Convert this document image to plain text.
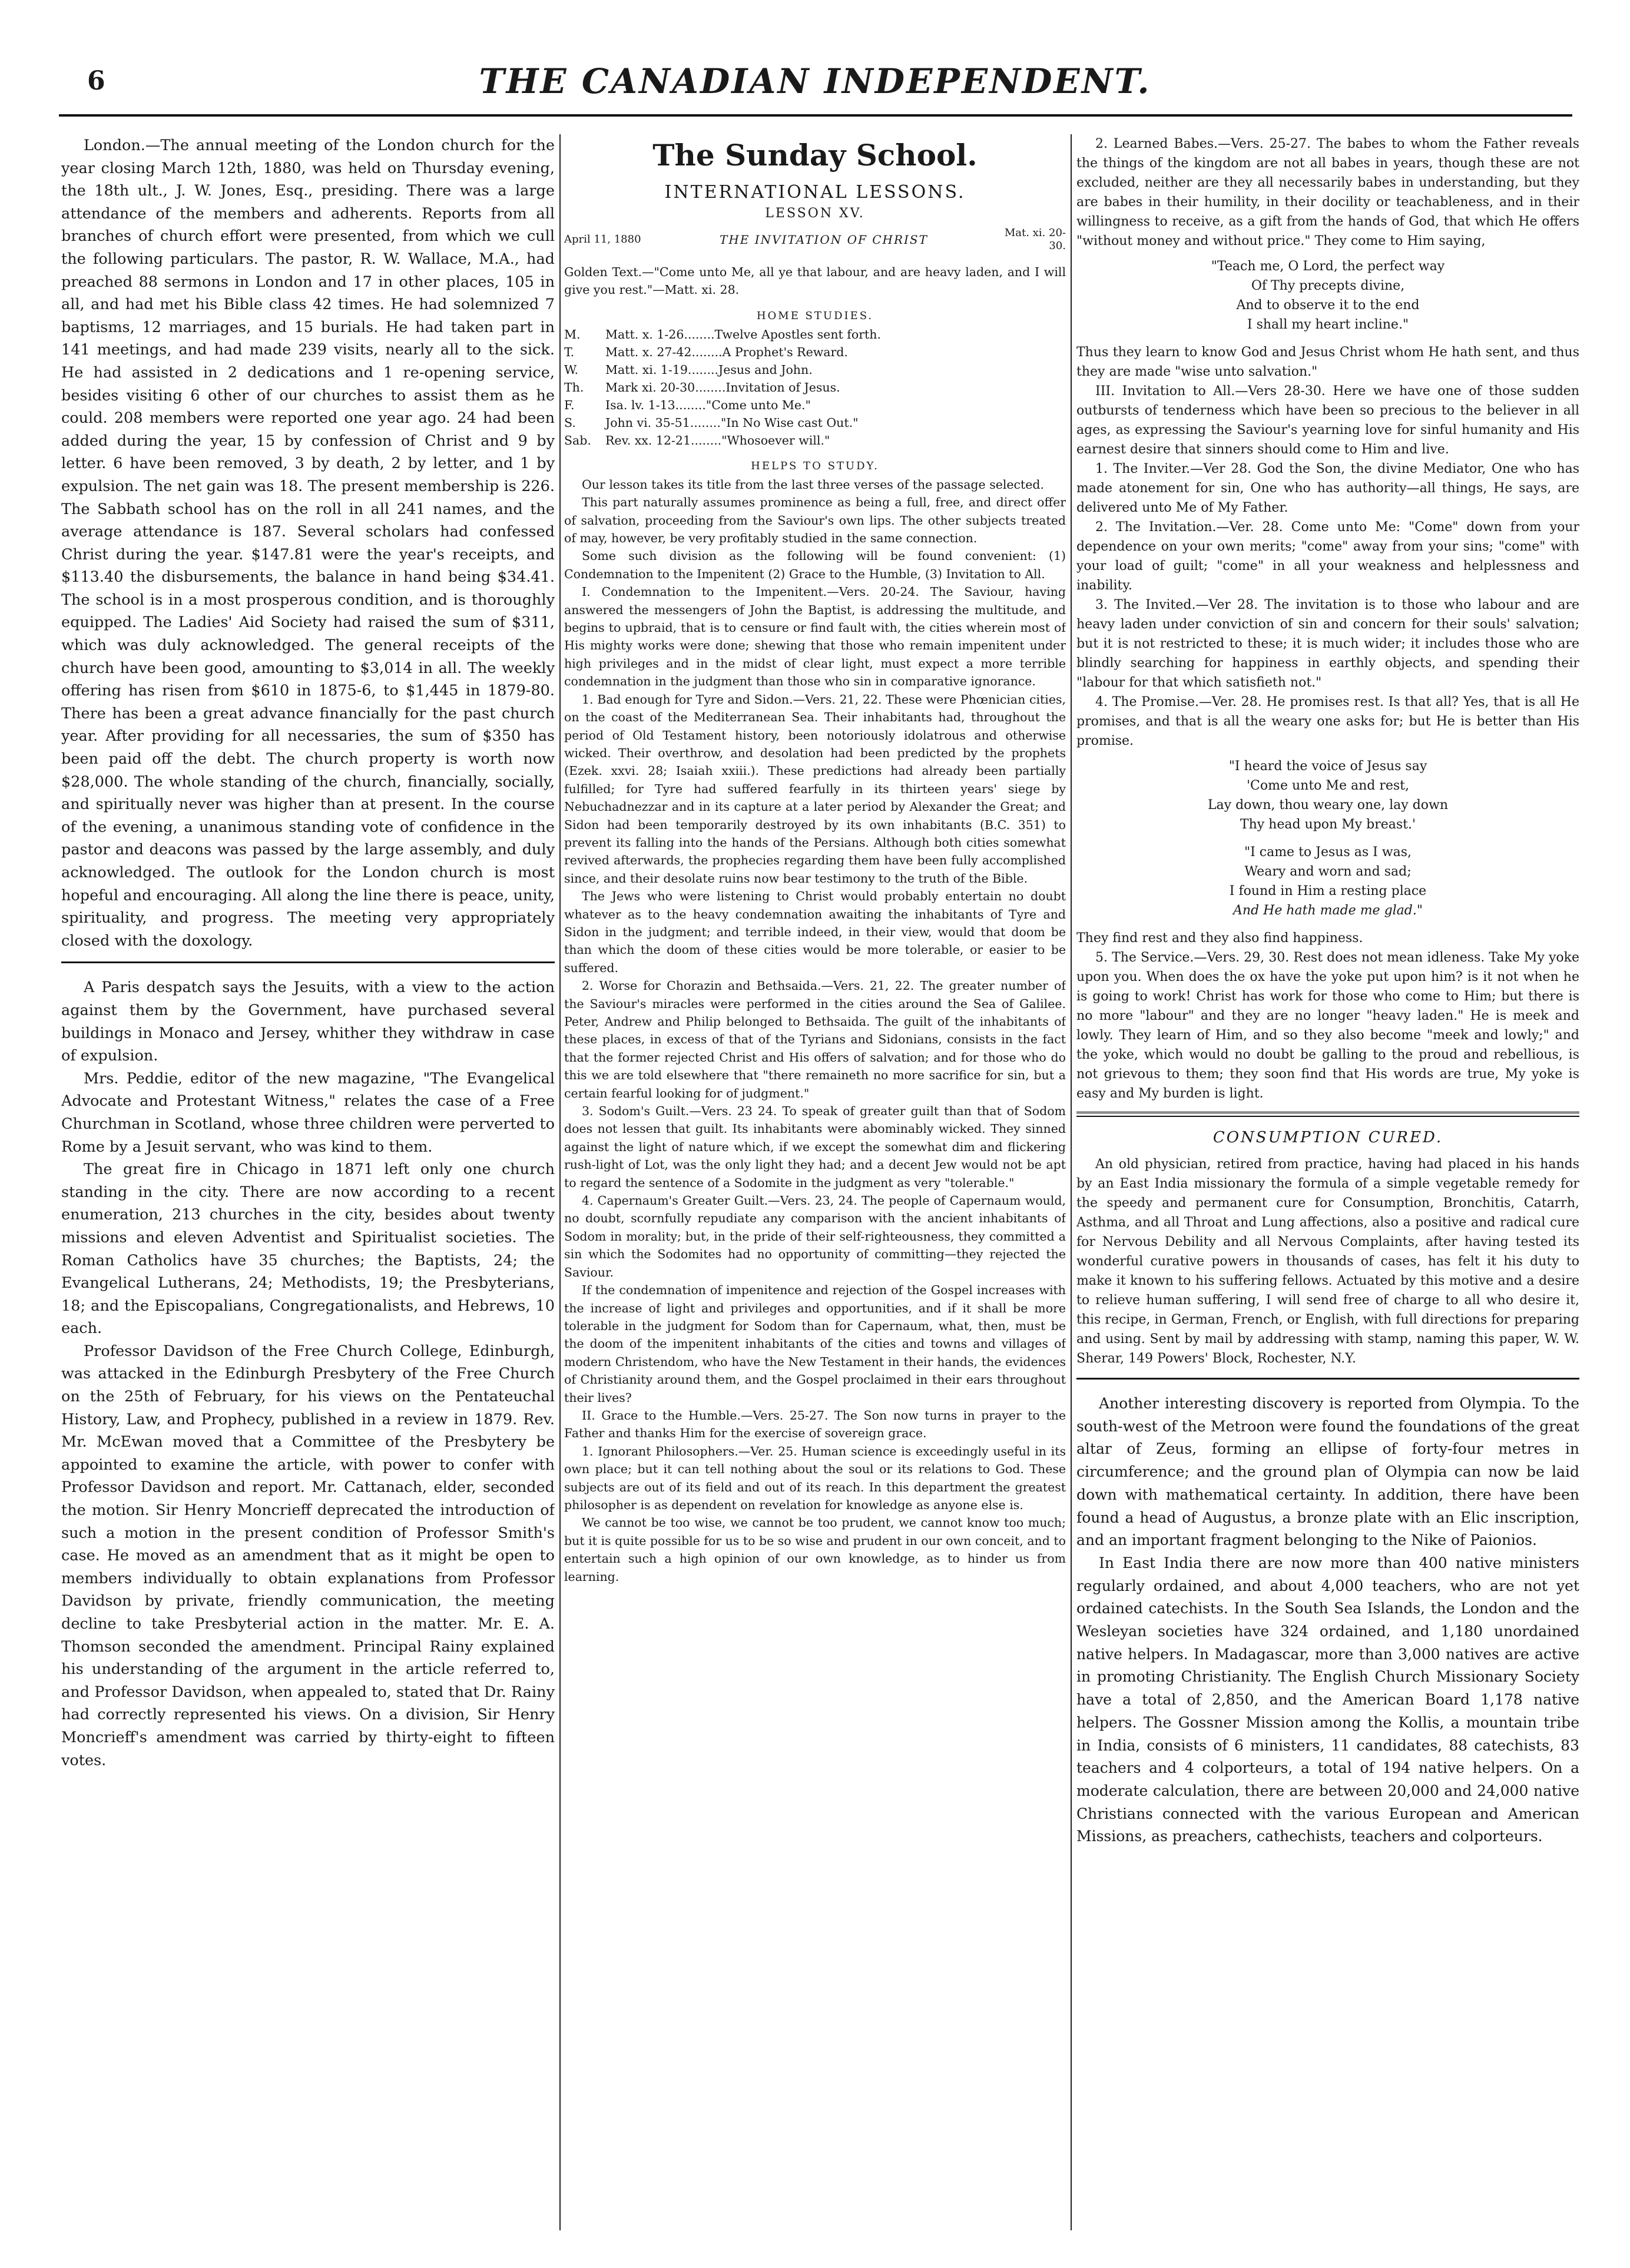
6	THE CANADIAN INDEPENDENT.

London.—The annual meeting of the London church for the year closing March 12th, 1880, was held on Thursday evening, the 18th ult., J. W. Jones, Esq., presiding. There was a large attendance of the members and adherents. Reports from all branches of church effort were presented, from which we cull the following particulars. The pastor, R. W. Wallace, M.A., had preached 88 sermons in London and 17 in other places, 105 in all, and had met his Bible class 42 times. He had solemnized 7 baptisms, 12 marriages, and 15 burials. He had taken part in 141 meetings, and had made 239 visits, nearly all to the sick. He had assisted in 2 dedications and 1 re-opening service, besides visiting 6 other of our churches to assist them as he could. 208 members were reported one year ago. 24 had been added during the year, 15 by confession of Christ and 9 by letter. 6 have been removed, 3 by death, 2 by letter, and 1 by expulsion. The net gain was 18. The present membership is 226. The Sabbath school has on the roll in all 241 names, and the average attendance is 187. Several scholars had confessed Christ during the year. $147.81 were the year's receipts, and $113.40 the disbursements, the balance in hand being $34.41. The school is in a most prosperous condition, and is thoroughly equipped. The Ladies' Aid Society had raised the sum of $311, which was duly acknowledged. The general receipts of the church have been good, amounting to $3,014 in all. The weekly offering has risen from $610 in 1875-6, to $1,445 in 1879-80. There has been a great advance financially for the past church year. After providing for all necessaries, the sum of $350 has been paid off the debt. The church property is worth now $28,000. The whole standing of the church, financially, socially, and spiritually never was higher than at present. In the course of the evening, a unanimous standing vote of confidence in the pastor and deacons was passed by the large assembly, and duly acknowledged. The outlook for the London church is most hopeful and encouraging. All along the line there is peace, unity, spirituality, and progress. The meeting very appropriately closed with the doxology.

A Paris despatch says the Jesuits, with a view to the action against them by the Government, have purchased several buildings in Monaco and Jersey, whither they withdraw in case of expulsion.

Mrs. Peddie, editor of the new magazine, "The Evangelical Advocate and Protestant Witness," relates the case of a Free Churchman in Scotland, whose three children were perverted to Rome by a Jesuit servant, who was kind to them.

The great fire in Chicago in 1871 left only one church standing in the city. There are now according to a recent enumeration, 213 churches in the city, besides about twenty missions and eleven Adventist and Spiritualist societies. The Roman Catholics have 35 churches; the Baptists, 24; the Evangelical Lutherans, 24; Methodists, 19; the Presbyterians, 18; and the Episcopalians, Congregationalists, and Hebrews, 10 each.

Professor Davidson of the Free Church College, Edinburgh, was attacked in the Edinburgh Presbytery of the Free Church on the 25th of February, for his views on the Pentateuchal History, Law, and Prophecy, published in a review in 1879. Rev. Mr. McEwan moved that a Committee of the Presbytery be appointed to examine the article, with power to confer with Professor Davidson and report. Mr. Cattanach, elder, seconded the motion. Sir Henry Moncrieff deprecated the introduction of such a motion in the present condition of Professor Smith's case. He moved as an amendment that as it might be open to members individually to obtain explanations from Professor Davidson by private, friendly communication, the meeting decline to take Presbyterial action in the matter. Mr. E. A. Thomson seconded the amendment. Principal Rainy explained his understanding of the argument in the article referred to, and Professor Davidson, when appealed to, stated that Dr. Rainy had correctly represented his views. On a division, Sir Henry Moncrieff's amendment was carried by thirty-eight to fifteen votes.

The Sunday School.
INTERNATIONAL LESSONS.
LESSON XV.
April 11, 1880	THE INVITATION OF CHRIST	Mat. xi. 20-30.

Golden Text.—"Come unto Me, all ye that labour, and are heavy laden, and I will give you rest."—Matt. xi. 28.

HOME STUDIES.
M.	Matt. x. 1-26........Twelve Apostles sent forth.
T.	Matt. x. 27-42........A Prophet's Reward.
W.	Matt. xi. 1-19........Jesus and John.
Th.	Mark xi. 20-30........Invitation of Jesus.
F.	Isa. lv. 1-13........"Come unto Me."
S.	John vi. 35-51........"In No Wise cast Out."
Sab.	Rev. xx. 12-21........"Whosoever will."
HELPS TO STUDY.

Our lesson takes its title from the last three verses of the passage selected.

This part naturally assumes prominence as being a full, free, and direct offer of salvation, proceeding from the Saviour's own lips. The other subjects treated of may, however, be very profitably studied in the same connection.

Some such division as the following will be found convenient: (1) Condemnation to the Impenitent (2) Grace to the Humble, (3) Invitation to All.

I. Condemnation to the Impenitent.—Vers. 20-24. The Saviour, having answered the messengers of John the Baptist, is addressing the multitude, and begins to upbraid, that is to censure or find fault with, the cities wherein most of His mighty works were done; shewing that those who remain impenitent under high privileges and in the midst of clear light, must expect a more terrible condemnation in the judgment than those who sin in comparative ignorance.

1. Bad enough for Tyre and Sidon.—Vers. 21, 22. These were Phœnician cities, on the coast of the Mediterranean Sea. Their inhabitants had, throughout the period of Old Testament history, been notoriously idolatrous and otherwise wicked. Their overthrow, and desolation had been predicted by the prophets (Ezek. xxvi. 28; Isaiah xxiii.). These predictions had already been partially fulfilled; for Tyre had suffered fearfully in its thirteen years' siege by Nebuchadnezzar and in its capture at a later period by Alexander the Great; and Sidon had been temporarily destroyed by its own inhabitants (B.C. 351) to prevent its falling into the hands of the Persians. Although both cities somewhat revived afterwards, the prophecies regarding them have been fully accomplished since, and their desolate ruins now bear testimony to the truth of the Bible.

The Jews who were listening to Christ would probably entertain no doubt whatever as to the heavy condemnation awaiting the inhabitants of Tyre and Sidon in the judgment; and terrible indeed, in their view, would that doom be than which the doom of these cities would be more tolerable, or easier to be suffered.

2. Worse for Chorazin and Bethsaida.—Vers. 21, 22. The greater number of the Saviour's miracles were performed in the cities around the Sea of Galilee. Peter, Andrew and Philip belonged to Bethsaida. The guilt of the inhabitants of these places, in excess of that of the Tyrians and Sidonians, consists in the fact that the former rejected Christ and His offers of salvation; and for those who do this we are told elsewhere that "there remaineth no more sacrifice for sin, but a certain fearful looking for of judgment."

3. Sodom's Guilt.—Vers. 23 24. To speak of greater guilt than that of Sodom does not lessen that guilt. Its inhabitants were abominably wicked. They sinned against the light of nature which, if we except the somewhat dim and flickering rush-light of Lot, was the only light they had; and a decent Jew would not be apt to regard the sentence of a Sodomite in the judgment as very "tolerable."

4. Capernaum's Greater Guilt.—Vers. 23, 24. The people of Capernaum would, no doubt, scornfully repudiate any comparison with the ancient inhabitants of Sodom in morality; but, in the pride of their self-righteousness, they committed a sin which the Sodomites had no opportunity of committing—they rejected the Saviour.

If the condemnation of impenitence and rejection of the Gospel increases with the increase of light and privileges and opportunities, and if it shall be more tolerable in the judgment for Sodom than for Capernaum, what, then, must be the doom of the impenitent inhabitants of the cities and towns and villages of modern Christendom, who have the New Testament in their hands, the evidences of Christianity around them, and the Gospel proclaimed in their ears throughout their lives?

II. Grace to the Humble.—Vers. 25-27. The Son now turns in prayer to the Father and thanks Him for the exercise of sovereign grace.

1. Ignorant Philosophers.—Ver. 25. Human science is exceedingly useful in its own place; but it can tell nothing about the soul or its relations to God. These subjects are out of its field and out of its reach. In this department the greatest philosopher is as dependent on revelation for knowledge as anyone else is.

We cannot be too wise, we cannot be too prudent, we cannot know too much; but it is quite possible for us to be so wise and prudent in our own conceit, and to entertain such a high opinion of our own knowledge, as to hinder us from learning.

2. Learned Babes.—Vers. 25-27. The babes to whom the Father reveals the things of the kingdom are not all babes in years, though these are not excluded, neither are they all necessarily babes in understanding, but they are babes in their humility, in their docility or teachableness, and in their willingness to receive, as a gift from the hands of God, that which He offers "without money and without price." They come to Him saying,

"Teach me, O Lord, the perfect way
Of Thy precepts divine,
And to observe it to the end
I shall my heart incline."

Thus they learn to know God and Jesus Christ whom He hath sent, and thus they are made "wise unto salvation."

III. Invitation to All.—Vers 28-30. Here we have one of those sudden outbursts of tenderness which have been so precious to the believer in all ages, as expressing the Saviour's yearning love for sinful humanity and His earnest desire that sinners should come to Him and live.

1. The Inviter.—Ver 28. God the Son, the divine Mediator, One who has made atonement for sin, One who has authority—all things, He says, are delivered unto Me of My Father.

2. The Invitation.—Ver. 28. Come unto Me: "Come" down from your dependence on your own merits; "come" away from your sins; "come" with your load of guilt; "come" in all your weakness and helplessness and inability.

3. The Invited.—Ver 28. The invitation is to those who labour and are heavy laden under conviction of sin and concern for their souls' salvation; but it is not restricted to these; it is much wider; it includes those who are blindly searching for happiness in earthly objects, and spending their "labour for that which satisfieth not."

4. The Promise.—Ver. 28. He promises rest. Is that all? Yes, that is all He promises, and that is all the weary one asks for; but He is better than His promise.

"I heard the voice of Jesus say
'Come unto Me and rest,
Lay down, thou weary one, lay down
Thy head upon My breast.'
"I came to Jesus as I was,
Weary and worn and sad;
I found in Him a resting place
And He hath made me glad."

They find rest and they also find happiness.

5. The Service.—Vers. 29, 30. Rest does not mean idleness. Take My yoke upon you. When does the ox have the yoke put upon him? is it not when he is going to work! Christ has work for those who come to Him; but there is no more "labour" and they are no longer "heavy laden." He is meek and lowly. They learn of Him, and so they also become "meek and lowly;" and the yoke, which would no doubt be galling to the proud and rebellious, is not grievous to them; they soon find that His words are true, My yoke is easy and My burden is light.

CONSUMPTION CURED.

An old physician, retired from practice, having had placed in his hands by an East India missionary the formula of a simple vegetable remedy for the speedy and permanent cure for Consumption, Bronchitis, Catarrh, Asthma, and all Throat and Lung affections, also a positive and radical cure for Nervous Debility and all Nervous Complaints, after having tested its wonderful curative powers in thousands of cases, has felt it his duty to make it known to his suffering fellows. Actuated by this motive and a desire to relieve human suffering, I will send free of charge to all who desire it, this recipe, in German, French, or English, with full directions for preparing and using. Sent by mail by addressing with stamp, naming this paper, W. W. Sherar, 149 Powers' Block, Rochester, N.Y.

Another interesting discovery is reported from Olympia. To the south-west of the Metroon were found the foundations of the great altar of Zeus, forming an ellipse of forty-four metres in circumference; and the ground plan of Olympia can now be laid down with mathematical certainty. In addition, there have been found a head of Augustus, a bronze plate with an Elic inscription, and an important fragment belonging to the Nike of Paionios.

In East India there are now more than 400 native ministers regularly ordained, and about 4,000 teachers, who are not yet ordained catechists. In the South Sea Islands, the London and the Wesleyan societies have 324 ordained, and 1,180 unordained native helpers. In Madagascar, more than 3,000 natives are active in promoting Christianity. The English Church Missionary Society have a total of 2,850, and the American Board 1,178 native helpers. The Gossner Mission among the Kollis, a mountain tribe in India, consists of 6 ministers, 11 candidates, 88 catechists, 83 teachers and 4 colporteurs, a total of 194 native helpers. On a moderate calculation, there are between 20,000 and 24,000 native Christians connected with the various European and American Missions, as preachers, cathechists, teachers and colporteurs.
